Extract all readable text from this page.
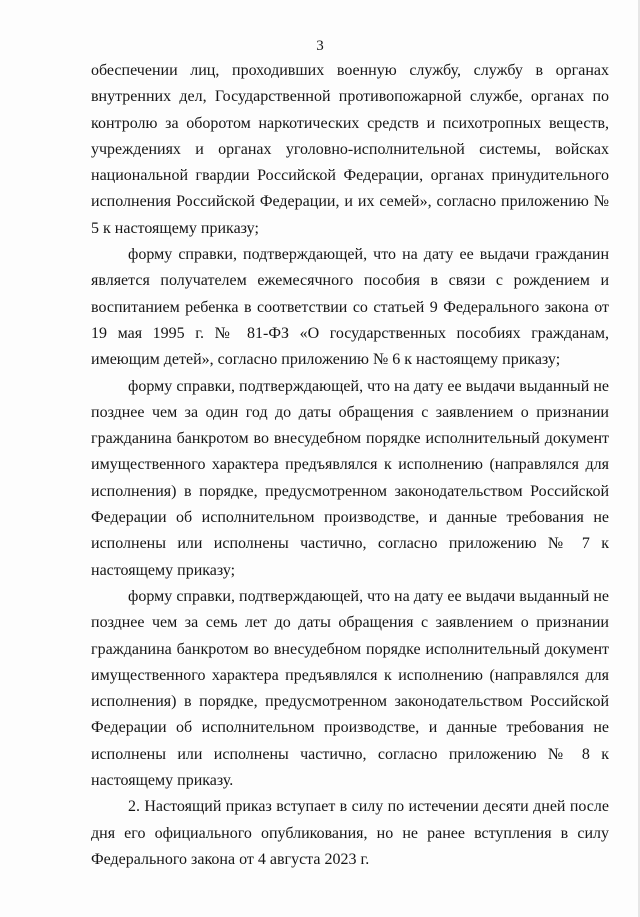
3

обеспечении лиц, проходивших военную службу, службу в органах внутренних дел, Государственной противопожарной службе, органах по контролю за оборотом наркотических средств и психотропных веществ, учреждениях и органах уголовно-исполнительной системы, войсках национальной гвардии Российской Федерации, органах принудительного исполнения Российской Федерации, и их семей», согласно приложению № 5 к настоящему приказу;

форму справки, подтверждающей, что на дату ее выдачи гражданин является получателем ежемесячного пособия в связи с рождением и воспитанием ребенка в соответствии со статьей 9 Федерального закона от 19 мая 1995 г. № 81-ФЗ «О государственных пособиях гражданам, имеющим детей», согласно приложению № 6 к настоящему приказу;

форму справки, подтверждающей, что на дату ее выдачи выданный не позднее чем за один год до даты обращения с заявлением о признании гражданина банкротом во внесудебном порядке исполнительный документ имущественного характера предъявлялся к исполнению (направлялся для исполнения) в порядке, предусмотренном законодательством Российской Федерации об исполнительном производстве, и данные требования не исполнены или исполнены частично, согласно приложению № 7 к настоящему приказу;

форму справки, подтверждающей, что на дату ее выдачи выданный не позднее чем за семь лет до даты обращения с заявлением о признании гражданина банкротом во внесудебном порядке исполнительный документ имущественного характера предъявлялся к исполнению (направлялся для исполнения) в порядке, предусмотренном законодательством Российской Федерации об исполнительном производстве, и данные требования не исполнены или исполнены частично, согласно приложению № 8 к настоящему приказу.

2. Настоящий приказ вступает в силу по истечении десяти дней после дня его официального опубликования, но не ранее вступления в силу Федерального закона от 4 августа 2023 г.
